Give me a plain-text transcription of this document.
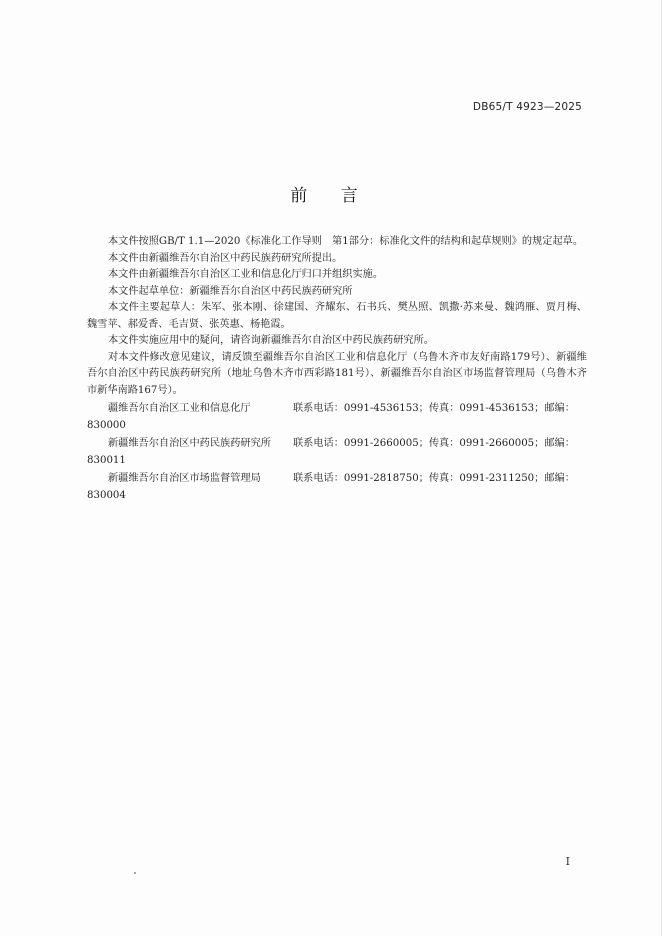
DB65/T 4923—2025
前 言

本文件按照GB/T 1.1—2020《标准化工作导则　第1部分：标准化文件的结构和起草规则》的规定起草。

本文件由新疆维吾尔自治区中药民族药研究所提出。

本文件由新疆维吾尔自治区工业和信息化厅归口并组织实施。

本文件起草单位：新疆维吾尔自治区中药民族药研究所

本文件主要起草人：朱军、张本刚、徐建国、齐耀东、石书兵、樊丛照、凯撒·苏来曼、魏鸿雁、贾月梅、魏雪苹、郝爱香、毛吉贤、张英惠、杨艳霞。

本文件实施应用中的疑问，请咨询新疆维吾尔自治区中药民族药研究所。

对本文件修改意见建议，请反馈至疆维吾尔自治区工业和信息化厅（乌鲁木齐市友好南路179号）、新疆维吾尔自治区中药民族药研究所（地址乌鲁木齐市西彩路181号）、新疆维吾尔自治区市场监督管理局（乌鲁木齐市新华南路167号）。

疆维吾尔自治区工业和信息化厅	联系电话：0991-4536153；传真：0991-4536153；邮编：
830000
新疆维吾尔自治区中药民族药研究所 联系电话：0991-2660005；传真：0991-2660005；邮编：
830011
新疆维吾尔自治区市场监督管理局	联系电话：0991-2818750；传真：0991-2311250；邮编：
830004
I
